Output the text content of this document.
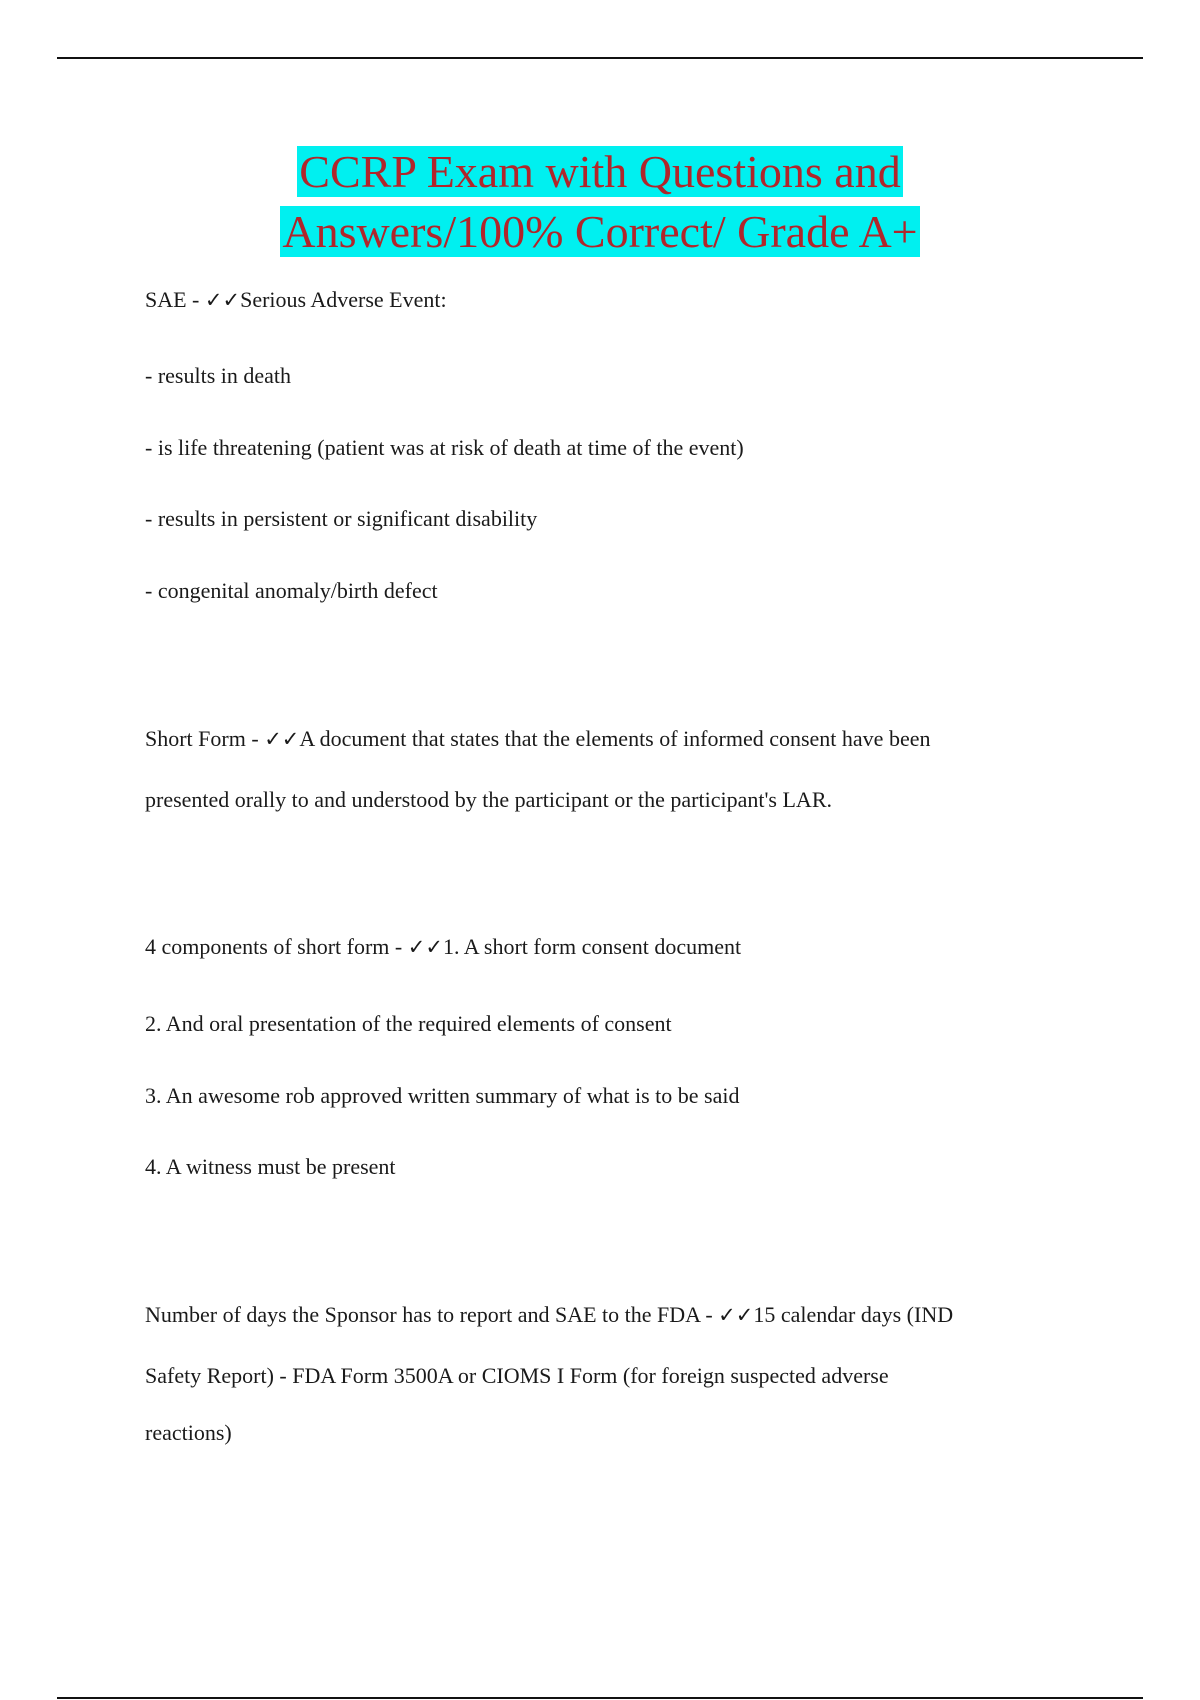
CCRP Exam with Questions and
Answers/100% Correct/ Grade A+
SAE - ✓✓Serious Adverse Event:
- results in death
- is life threatening (patient was at risk of death at time of the event)
- results in persistent or significant disability
- congenital anomaly/birth defect
Short Form - ✓✓A document that states that the elements of informed consent have been
presented orally to and understood by the participant or the participant's LAR.
4 components of short form - ✓✓1. A short form consent document
2. And oral presentation of the required elements of consent
3. An awesome rob approved written summary of what is to be said
4. A witness must be present
Number of days the Sponsor has to report and SAE to the FDA - ✓✓15 calendar days (IND
Safety Report) - FDA Form 3500A or CIOMS I Form (for foreign suspected adverse
reactions)
